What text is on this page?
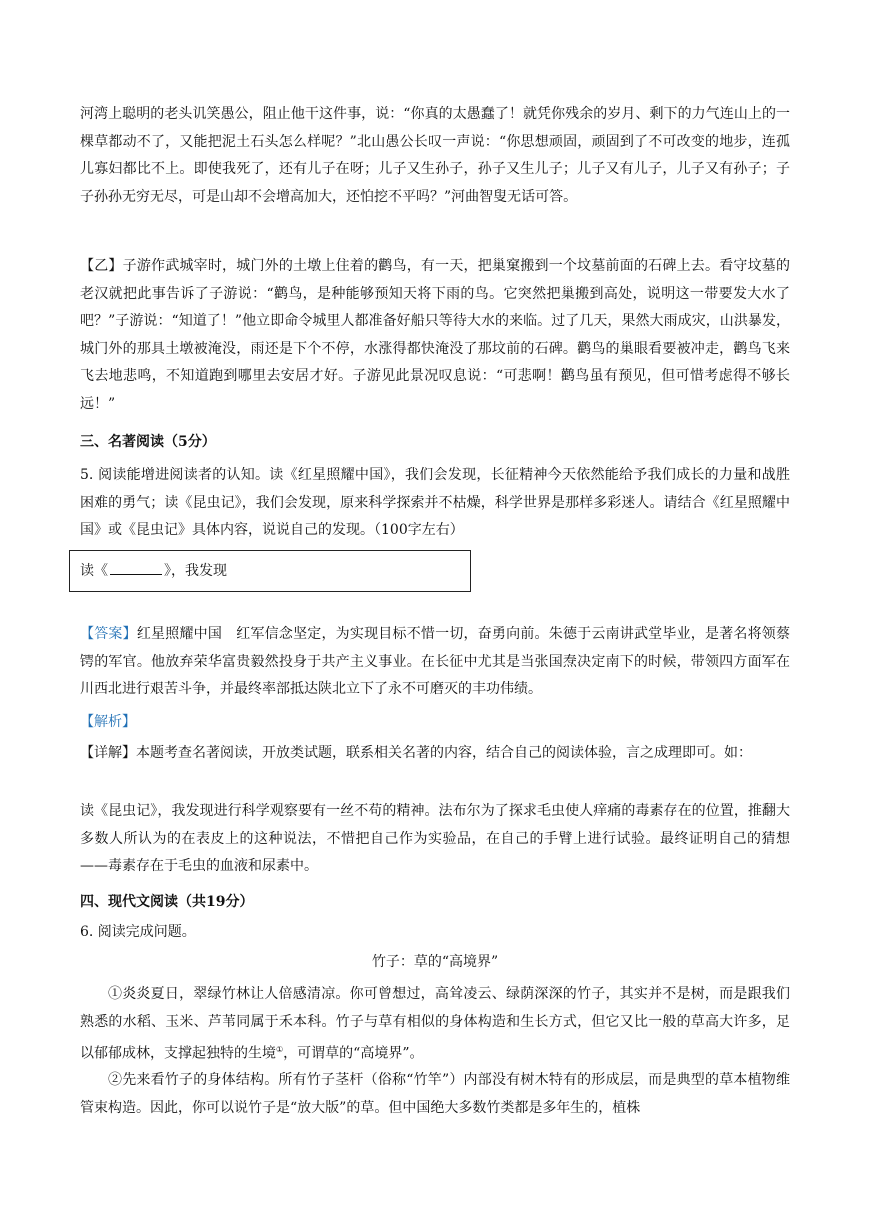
河湾上聪明的老头讥笑愚公，阻止他干这件事，说：“你真的太愚蠢了！就凭你残余的岁月、剩下的力气连山上的一棵草都动不了，又能把泥土石头怎么样呢？”北山愚公长叹一声说：“你思想顽固，顽固到了不可改变的地步，连孤儿寡妇都比不上。即使我死了，还有儿子在呀；儿子又生孙子，孙子又生儿子；儿子又有儿子，儿子又有孙子；子子孙孙无穷无尽，可是山却不会增高加大，还怕挖不平吗？”河曲智叟无话可答。

【乙】子游作武城宰时，城门外的土墩上住着的鹳鸟，有一天，把巢窠搬到一个坟墓前面的石碑上去。看守坟墓的老汉就把此事告诉了子游说：“鹳鸟，是种能够预知天将下雨的鸟。它突然把巢搬到高处，说明这一带要发大水了吧？”子游说：“知道了！”他立即命令城里人都准备好船只等待大水的来临。过了几天，果然大雨成灾，山洪暴发，城门外的那具土墩被淹没，雨还是下个不停，水涨得都快淹没了那坟前的石碑。鹳鸟的巢眼看要被冲走，鹳鸟飞来飞去地悲鸣，不知道跑到哪里去安居才好。子游见此景况叹息说：“可悲啊！鹳鸟虽有预见，但可惜考虑得不够长远！”

三、名著阅读（5分）

5. 阅读能增进阅读者的认知。读《红星照耀中国》，我们会发现，长征精神今天依然能给予我们成长的力量和战胜困难的勇气；读《昆虫记》，我们会发现，原来科学探索并不枯燥，科学世界是那样多彩迷人。请结合《红星照耀中国》或《昆虫记》具体内容，说说自己的发现。（100字左右）

读《	》，我发现

【答案】红星照耀中国　红军信念坚定，为实现目标不惜一切，奋勇向前。朱德于云南讲武堂毕业，是著名将领蔡锷的军官。他放弃荣华富贵毅然投身于共产主义事业。在长征中尤其是当张国焘决定南下的时候，带领四方面军在川西北进行艰苦斗争，并最终率部抵达陕北立下了永不可磨灭的丰功伟绩。

【解析】

【详解】本题考查名著阅读，开放类试题，联系相关名著的内容，结合自己的阅读体验，言之成理即可。如：

读《昆虫记》，我发现进行科学观察要有一丝不苟的精神。法布尔为了探求毛虫使人痒痛的毒素存在的位置，推翻大多数人所认为的在表皮上的这种说法，不惜把自己作为实验品，在自己的手臂上进行试验。最终证明自己的猜想——毒素存在于毛虫的血液和尿素中。

四、现代文阅读（共19分）

6. 阅读完成问题。

竹子：草的“高境界”

①炎炎夏日，翠绿竹林让人倍感清凉。你可曾想过，高耸凌云、绿荫深深的竹子，其实并不是树，而是跟我们熟悉的水稻、玉米、芦苇同属于禾本科。竹子与草有相似的身体构造和生长方式，但它又比一般的草高大许多，足以郁郁成林，支撑起独特的生境①，可谓草的“高境界”。

②先来看竹子的身体结构。所有竹子茎杆（俗称“竹竿”）内部没有树木特有的形成层，而是典型的草本植物维管束构造。因此，你可以说竹子是“放大版”的草。但中国绝大多数竹类都是多年生的，植株
